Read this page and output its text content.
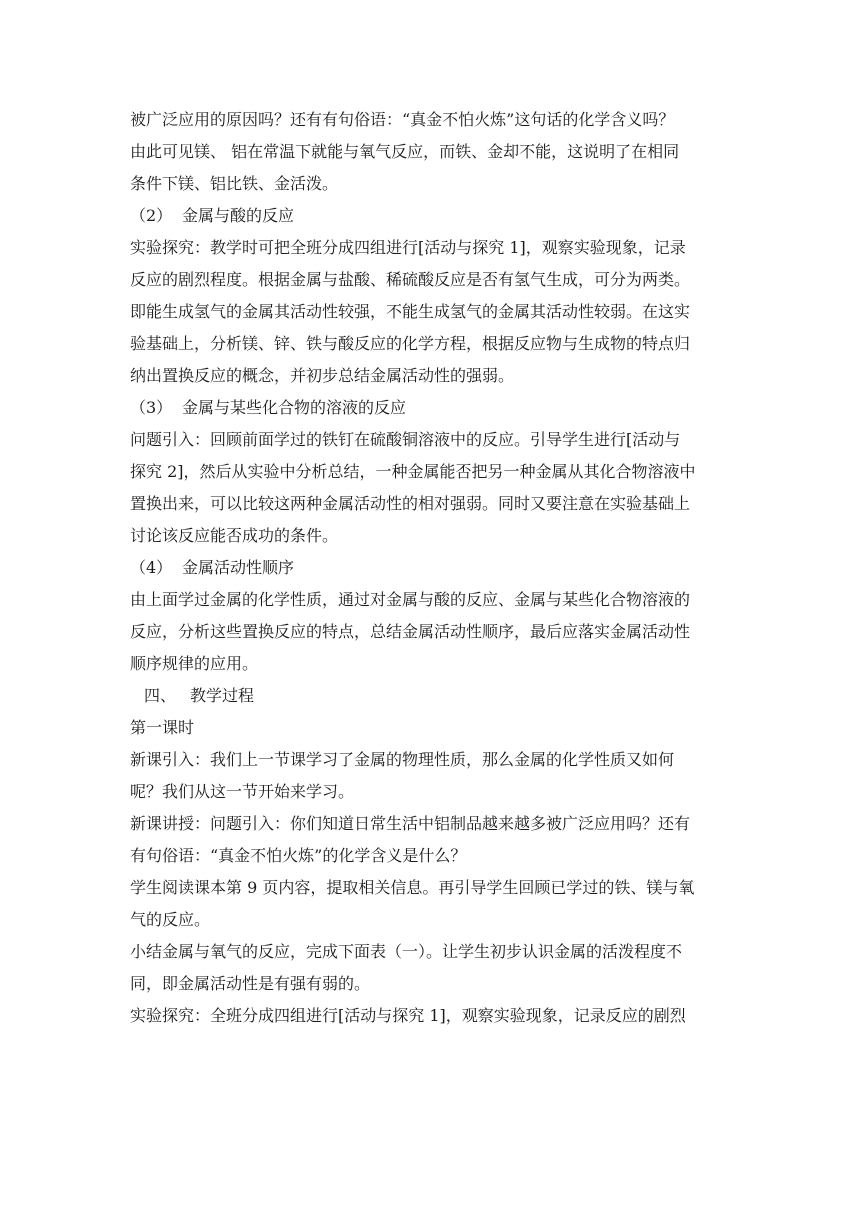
被广泛应用的原因吗？还有有句俗语：“真金不怕火炼”这句话的化学含义吗？
由此可见镁、 铝在常温下就能与氧气反应，而铁、金却不能，这说明了在相同
条件下镁、铝比铁、金活泼。
（2） 金属与酸的反应
实验探究：教学时可把全班分成四组进行[活动与探究 1]，观察实验现象，记录
反应的剧烈程度。根据金属与盐酸、稀硫酸反应是否有氢气生成，可分为两类。
即能生成氢气的金属其活动性较强，不能生成氢气的金属其活动性较弱。在这实
验基础上，分析镁、锌、铁与酸反应的化学方程，根据反应物与生成物的特点归
纳出置换反应的概念，并初步总结金属活动性的强弱。
（3） 金属与某些化合物的溶液的反应
问题引入：回顾前面学过的铁钉在硫酸铜溶液中的反应。引导学生进行[活动与
探究 2]，然后从实验中分析总结，一种金属能否把另一种金属从其化合物溶液中
置换出来，可以比较这两种金属活动性的相对强弱。同时又要注意在实验基础上
讨论该反应能否成功的条件。
（4） 金属活动性顺序
由上面学过金属的化学性质，通过对金属与酸的反应、金属与某些化合物溶液的
反应，分析这些置换反应的特点，总结金属活动性顺序，最后应落实金属活动性
顺序规律的应用。
四、 教学过程
第一课时
新课引入：我们上一节课学习了金属的物理性质，那么金属的化学性质又如何
呢？我们从这一节开始来学习。
新课讲授：问题引入：你们知道日常生活中铝制品越来越多被广泛应用吗？还有
有句俗语：“真金不怕火炼”的化学含义是什么？
学生阅读课本第 9 页内容，提取相关信息。再引导学生回顾已学过的铁、镁与氧
气的反应。
小结金属与氧气的反应，完成下面表（一）。让学生初步认识金属的活泼程度不
同，即金属活动性是有强有弱的。
实验探究：全班分成四组进行[活动与探究 1]，观察实验现象，记录反应的剧烈
